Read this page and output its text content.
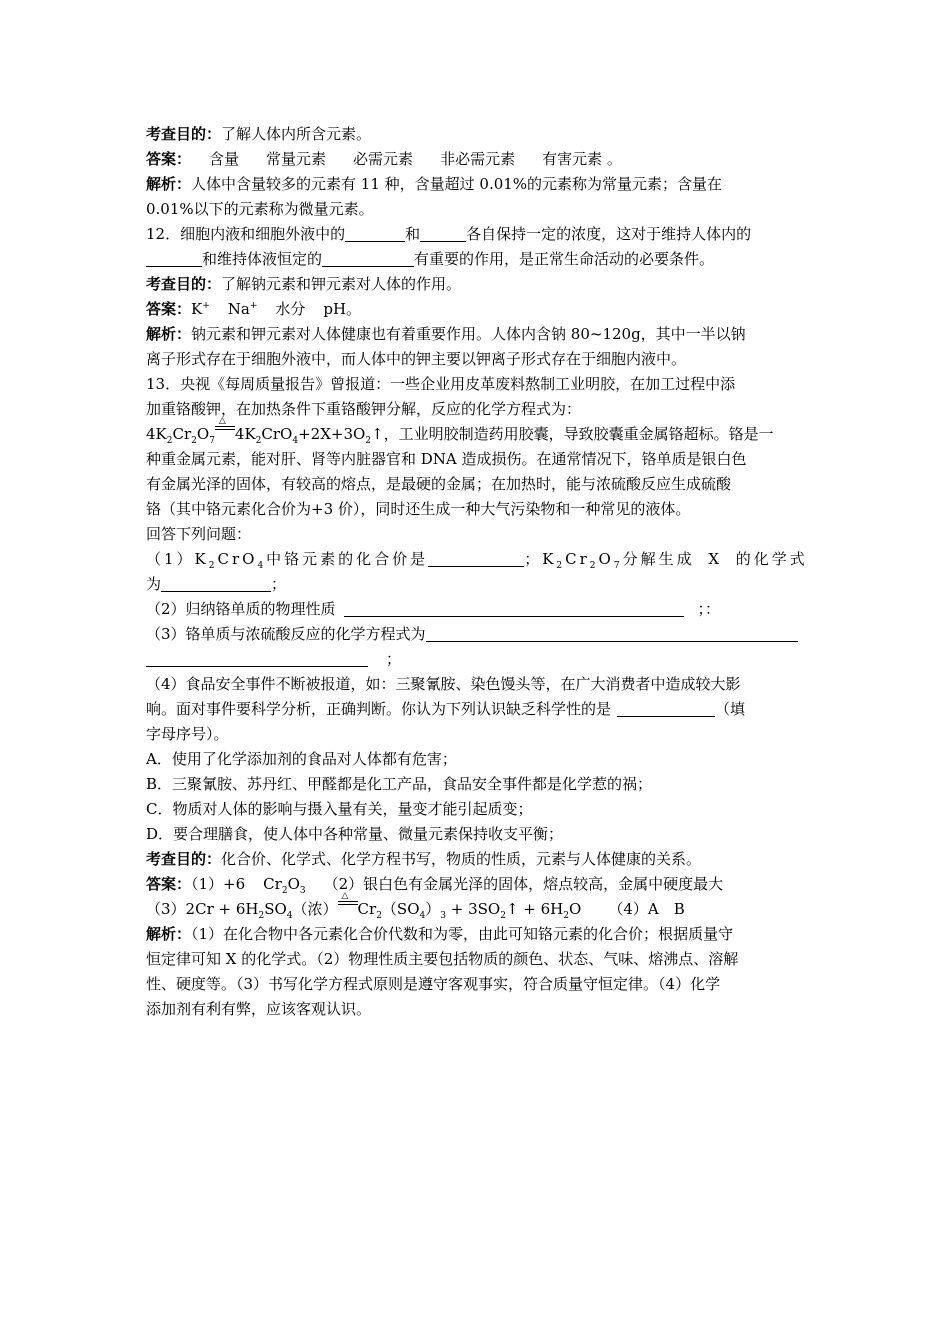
考查目的：了解人体内所含元素。
答案： 含量 常量元素 必需元素 非必需元素 有害元素 。
解析：人体中含量较多的元素有 11 种，含量超过 0.01%的元素称为常量元素；含量在
0.01%以下的元素称为微量元素。
12．细胞内液和细胞外液中的	和	各自保持一定的浓度，这对于维持人体内的
和维持体液恒定的	有重要的作用，是正常生命活动的必要条件。
考查目的：了解钠元素和钾元素对人体的作用。
答案：K+ Na+ 水分 pH。
解析：钠元素和钾元素对人体健康也有着重要作用。人体内含钠 80~120g，其中一半以钠
离子形式存在于细胞外液中，而人体中的钾主要以钾离子形式存在于细胞内液中。
13．央视《每周质量报告》曾报道：一些企业用皮革废料熬制工业明胶，在加工过程中添
加重铬酸钾，在加热条件下重铬酸钾分解，反应的化学方程式为：
$4K_2Cr_2O_7$
△
$4K_2CrO_4+2X+3O_2↑$，工业明胶制造药用胶囊，导致胶囊重金属铬超标。铬是一
种重金属元素，能对肝、肾等内脏器官和 DNA 造成损伤。在通常情况下，铬单质是银白色
有金属光泽的固体，有较高的熔点，是最硬的金属；在加热时，能与浓硫酸反应生成硫酸
铬（其中铬元素化合价为+3 价），同时还生成一种大气污染物和一种常见的液体。
回答下列问题：
$(1)K_2CrO_4$中铬元素的化合价是	；$K_2Cr_2O_7$分解生成 X 的化学式
为	；
（2）归纳铬单质的物理性质	；：
（3）铬单质与浓硫酸反应的化学方程式为
；
（4）食品安全事件不断被报道，如：三聚氰胺、染色馒头等，在广大消费者中造成较大影
响。面对事件要科学分析，正确判断。你认为下列认识缺乏科学性的是	（填
字母序号）。
A．使用了化学添加剂的食品对人体都有危害；
B．三聚氰胺、苏丹红、甲醛都是化工产品，食品安全事件都是化学惹的祸；
C．物质对人体的影响与摄入量有关，量变才能引起质变；
D．要合理膳食，使人体中各种常量、微量元素保持收支平衡；
考查目的：化合价、化学式、化学方程书写，物质的性质，元素与人体健康的关系。
答案：（1）+6 $Cr_2O_3$ （2）银白色有金属光泽的固体，熔点较高，金属中硬度最大
$(3)2Cr + 6H_2SO_4$（浓）
△
$Cr_2(SO_4)_3$ + $3SO_2↑ + 6H_2O$ （4）A　B
解析：（1）在化合物中各元素化合价代数和为零，由此可知铬元素的化合价；根据质量守
恒定律可知 X 的化学式。（2）物理性质主要包括物质的颜色、状态、气味、熔沸点、溶解
性、硬度等。（3）书写化学方程式原则是遵守客观事实，符合质量守恒定律。（4）化学
添加剂有利有弊，应该客观认识。
